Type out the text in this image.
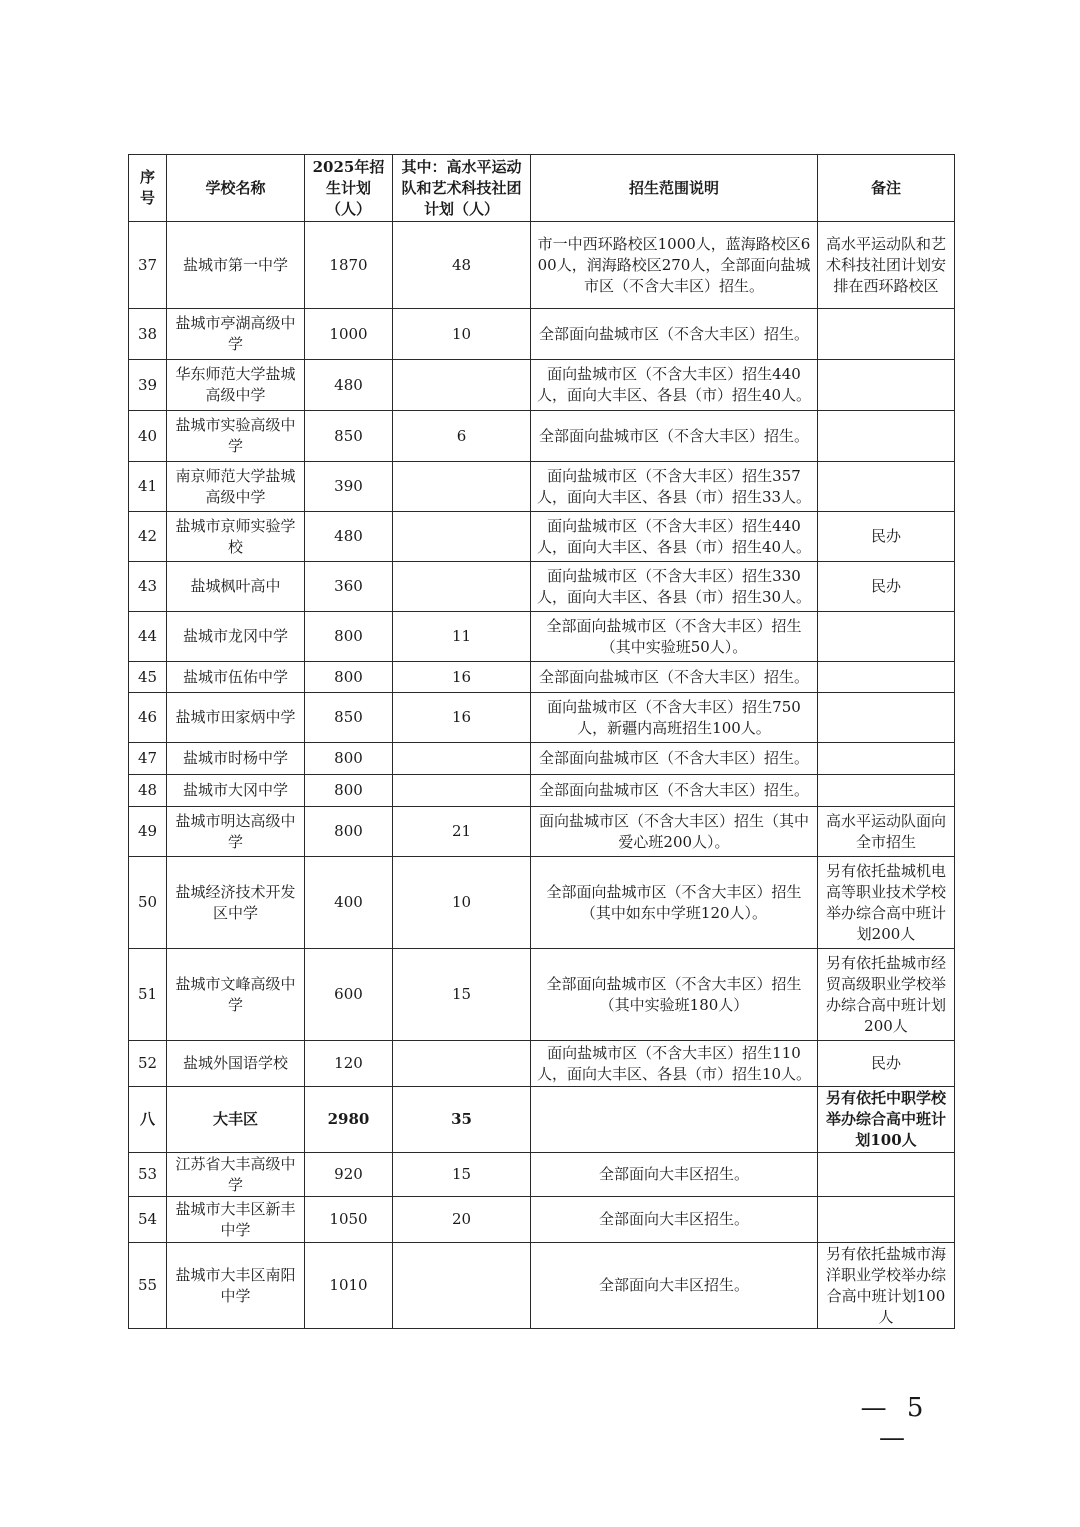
序号	学校名称	2025年招生计划（人）	其中：高水平运动队和艺术科技社团计划（人）	招生范围说明	备注
37	盐城市第一中学	1870	48	市一中西环路校区1000人，蓝海路校区600人，润海路校区270人，全部面向盐城市区（不含大丰区）招生。	高水平运动队和艺术科技社团计划安排在西环路校区
38	盐城市亭湖高级中学	1000	10	全部面向盐城市区（不含大丰区）招生。	
39	华东师范大学盐城高级中学	480		面向盐城市区（不含大丰区）招生440人，面向大丰区、各县（市）招生40人。	
40	盐城市实验高级中学	850	6	全部面向盐城市区（不含大丰区）招生。	
41	南京师范大学盐城高级中学	390		面向盐城市区（不含大丰区）招生357人，面向大丰区、各县（市）招生33人。	
42	盐城市京师实验学校	480		面向盐城市区（不含大丰区）招生440人，面向大丰区、各县（市）招生40人。	民办
43	盐城枫叶高中	360		面向盐城市区（不含大丰区）招生330人，面向大丰区、各县（市）招生30人。	民办
44	盐城市龙冈中学	800	11	全部面向盐城市区（不含大丰区）招生（其中实验班50人）。	
45	盐城市伍佑中学	800	16	全部面向盐城市区（不含大丰区）招生。	
46	盐城市田家炳中学	850	16	面向盐城市区（不含大丰区）招生750人，新疆内高班招生100人。	
47	盐城市时杨中学	800		全部面向盐城市区（不含大丰区）招生。	
48	盐城市大冈中学	800		全部面向盐城市区（不含大丰区）招生。	
49	盐城市明达高级中学	800	21	面向盐城市区（不含大丰区）招生（其中爱心班200人）。	高水平运动队面向全市招生
50	盐城经济技术开发区中学	400	10	全部面向盐城市区（不含大丰区）招生（其中如东中学班120人）。	另有依托盐城机电高等职业技术学校举办综合高中班计划200人
51	盐城市文峰高级中学	600	15	全部面向盐城市区（不含大丰区）招生（其中实验班180人）	另有依托盐城市经贸高级职业学校举办综合高中班计划200人
52	盐城外国语学校	120		面向盐城市区（不含大丰区）招生110人，面向大丰区、各县（市）招生10人。	民办
八	大丰区	2980	35		另有依托中职学校举办综合高中班计划100人
53	江苏省大丰高级中学	920	15	全部面向大丰区招生。	
54	盐城市大丰区新丰中学	1050	20	全部面向大丰区招生。	
55	盐城市大丰区南阳中学	1010		全部面向大丰区招生。	另有依托盐城市海洋职业学校举办综合高中班计划100人
— 5 —
